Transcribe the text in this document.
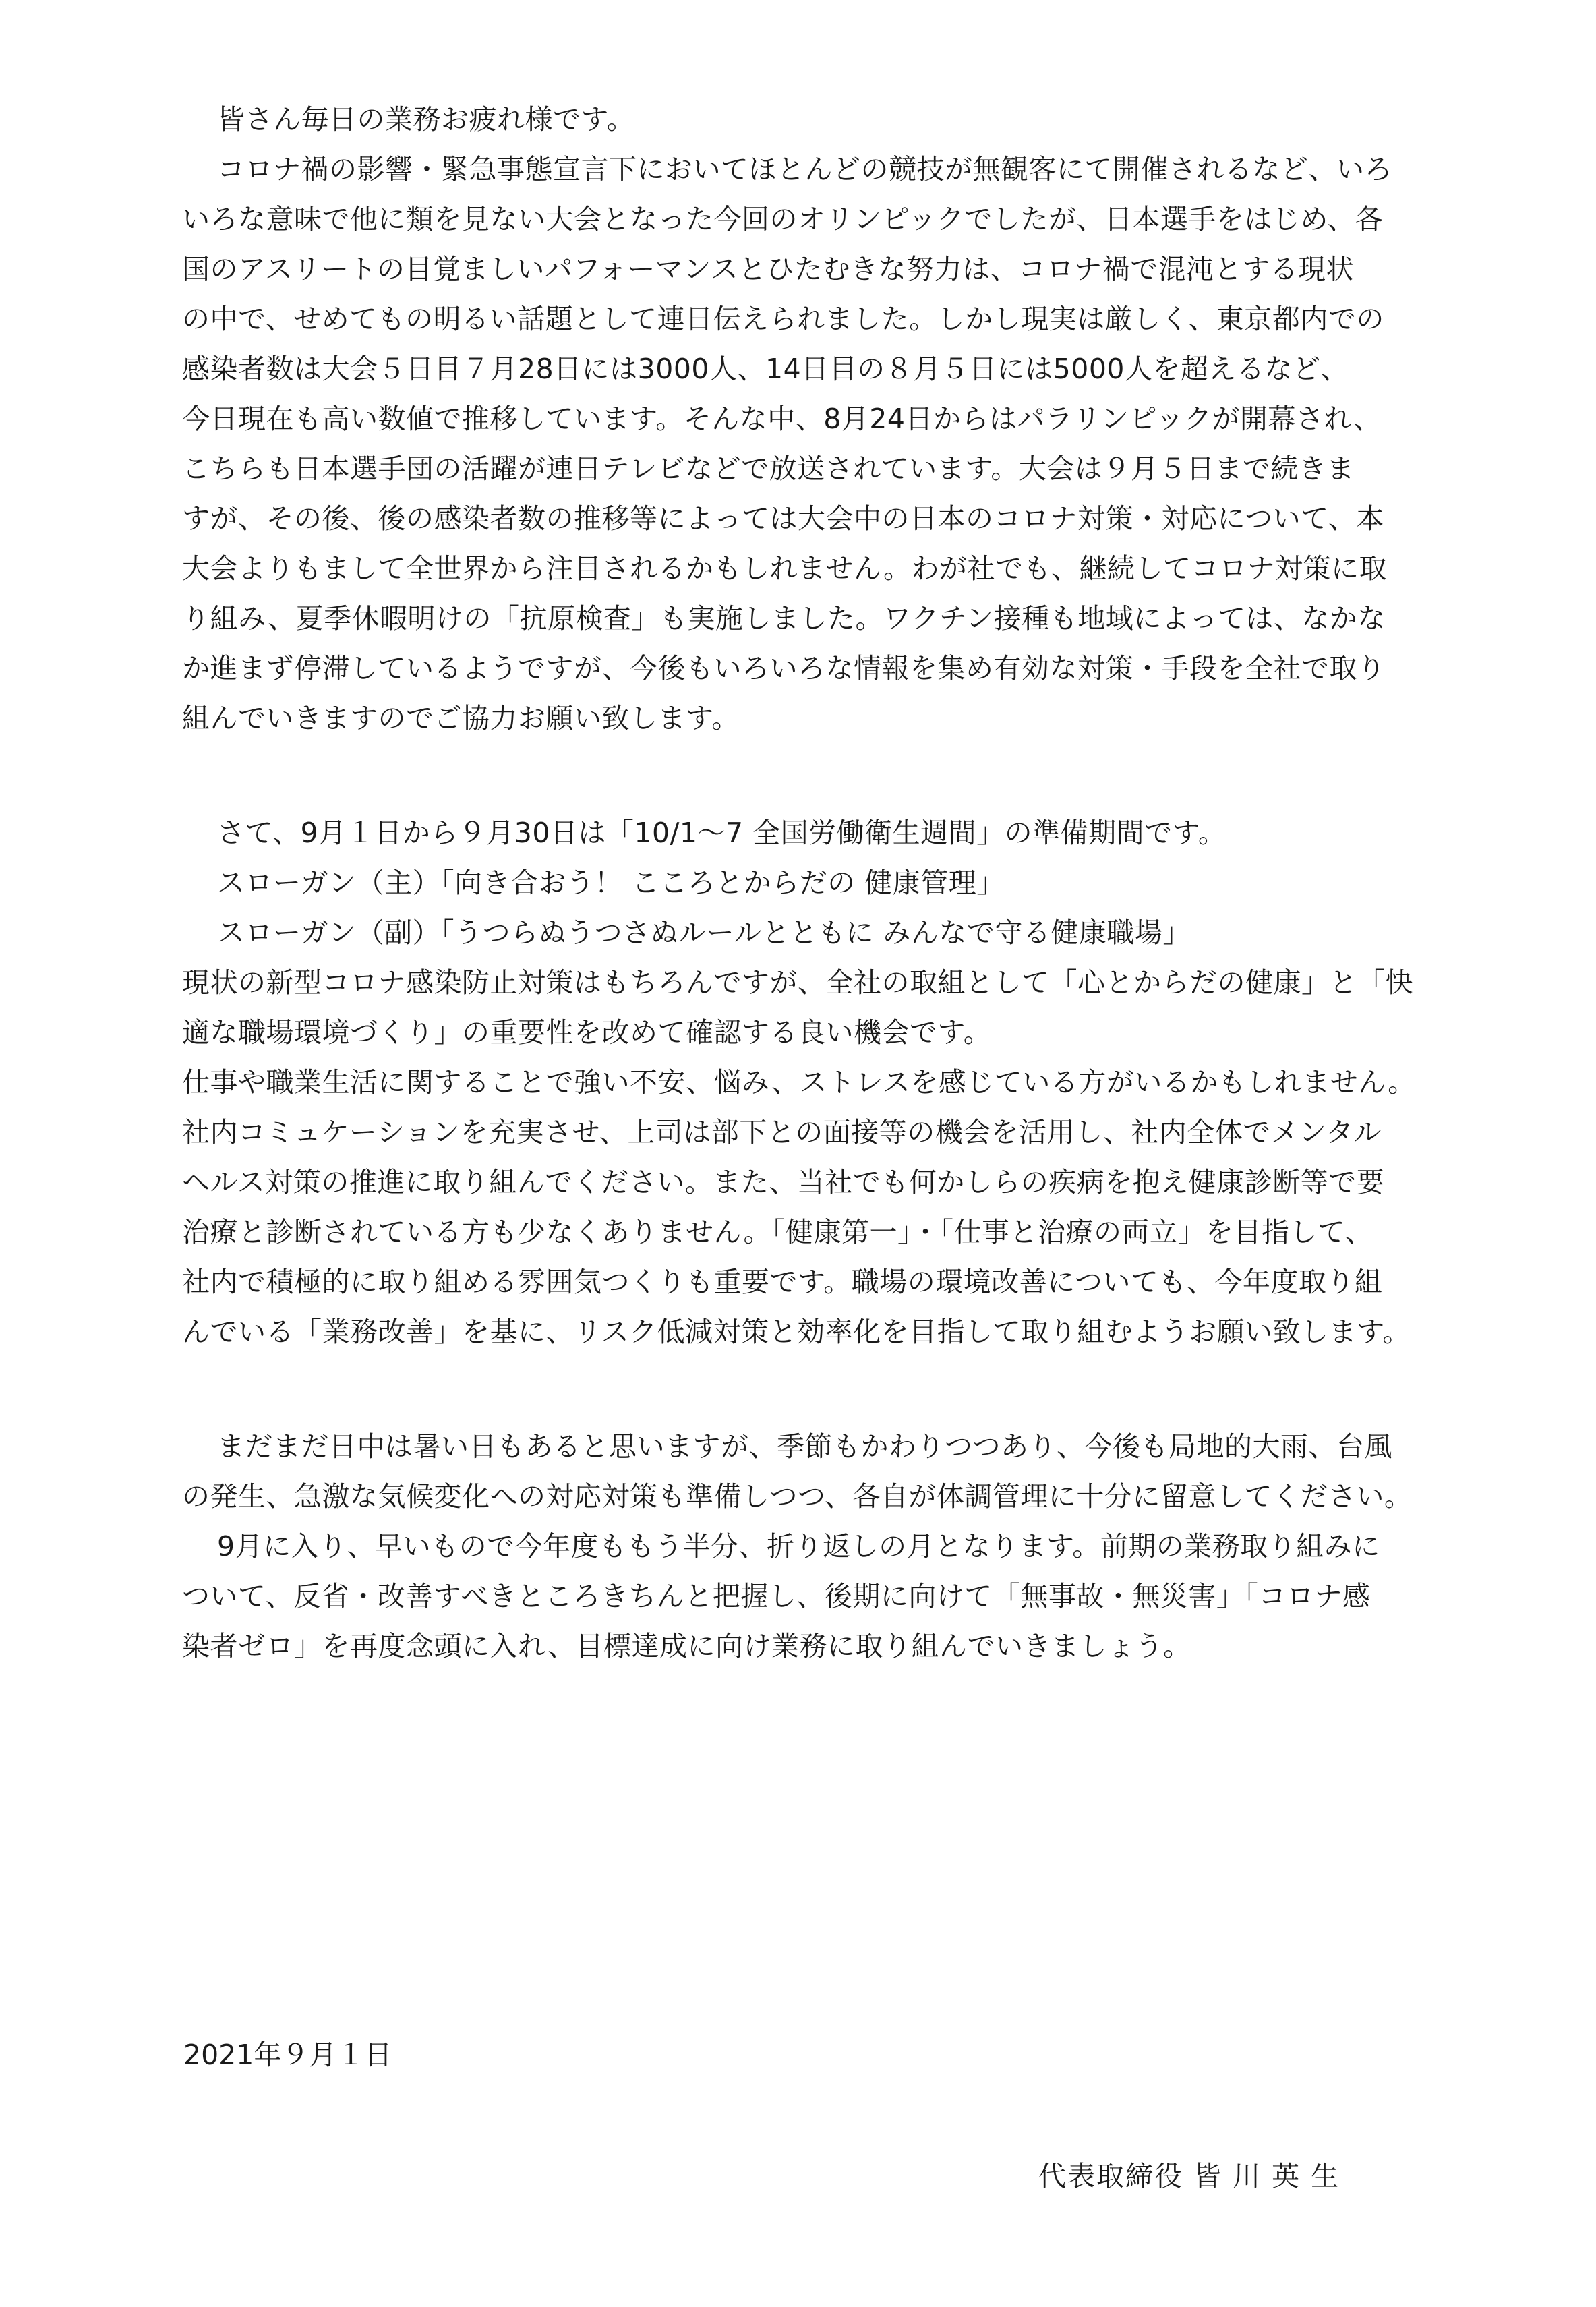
皆さん毎日の業務お疲れ様です。
コロナ禍の影響・緊急事態宣言下においてほとんどの競技が無観客にて開催されるなど、いろ
いろな意味で他に類を見ない大会となった今回のオリンピックでしたが、日本選手をはじめ、各
国のアスリートの目覚ましいパフォーマンスとひたむきな努力は、コロナ禍で混沌とする現状
の中で、せめてもの明るい話題として連日伝えられました。しかし現実は厳しく、東京都内での
感染者数は大会５日目７月28日には3000人、14日目の８月５日には5000人を超えるなど、
今日現在も高い数値で推移しています。そんな中、8月24日からはパラリンピックが開幕され、
こちらも日本選手団の活躍が連日テレビなどで放送されています。大会は９月５日まで続きま
すが、その後、後の感染者数の推移等によっては大会中の日本のコロナ対策・対応について、本
大会よりもまして全世界から注目されるかもしれません。わが社でも、継続してコロナ対策に取
り組み、夏季休暇明けの「抗原検査」も実施しました。ワクチン接種も地域によっては、なかな
か進まず停滞しているようですが、今後もいろいろな情報を集め有効な対策・手段を全社で取り
組んでいきますのでご協力お願い致します。
さて、9月１日から９月30日は「10/1～7 全国労働衛生週間」の準備期間です。
スローガン（主）「向き合おう！ こころとからだの 健康管理」
スローガン（副）「うつらぬうつさぬルールとともに みんなで守る健康職場」
現状の新型コロナ感染防止対策はもちろんですが、全社の取組として「心とからだの健康」と「快
適な職場環境づくり」の重要性を改めて確認する良い機会です。
仕事や職業生活に関することで強い不安、悩み、ストレスを感じている方がいるかもしれません。
社内コミュケーションを充実させ、上司は部下との面接等の機会を活用し、社内全体でメンタル
ヘルス対策の推進に取り組んでください。また、当社でも何かしらの疾病を抱え健康診断等で要
治療と診断されている方も少なくありません。「健康第一」・「仕事と治療の両立」を目指して、
社内で積極的に取り組める雰囲気つくりも重要です。職場の環境改善についても、今年度取り組
んでいる「業務改善」を基に、リスク低減対策と効率化を目指して取り組むようお願い致します。
まだまだ日中は暑い日もあると思いますが、季節もかわりつつあり、今後も局地的大雨、台風
の発生、急激な気候変化への対応対策も準備しつつ、各自が体調管理に十分に留意してください。
9月に入り、早いもので今年度ももう半分、折り返しの月となります。前期の業務取り組みに
ついて、反省・改善すべきところきちんと把握し、後期に向けて「無事故・無災害」「コロナ感
染者ゼロ」を再度念頭に入れ、目標達成に向け業務に取り組んでいきましょう。
2021年９月１日
代表取締役 皆 川 英 生
